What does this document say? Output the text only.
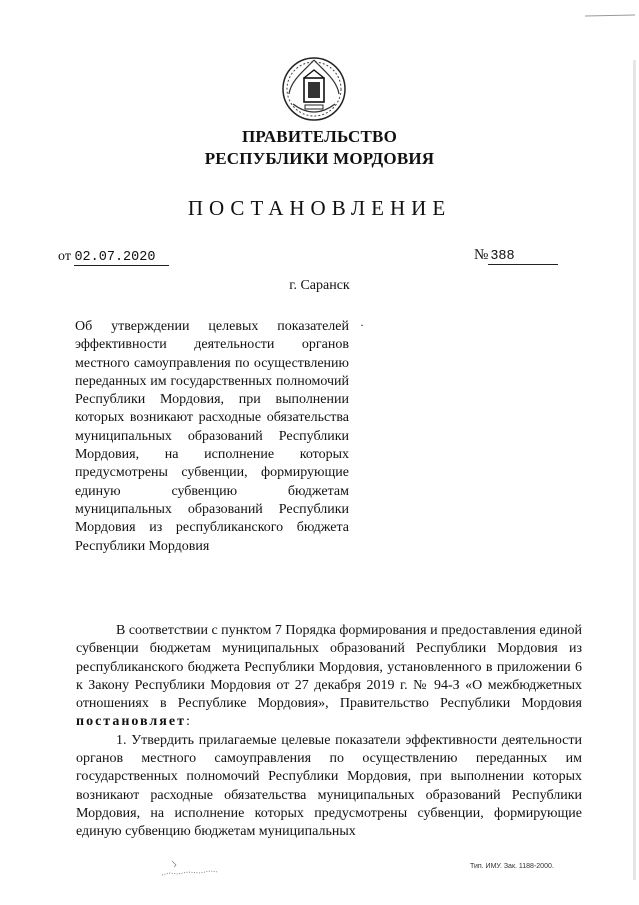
ПРАВИТЕЛЬСТВО
РЕСПУБЛИКИ МОРДОВИЯ
ПОСТАНОВЛЕНИЕ
от 02.07.2020	№ 388
г. Саранск
Об утверждении целевых показателей эффективности деятельности органов местного самоуправления по осуществлению переданных им государственных полномочий Республики Мордовия, при выполнении которых возникают расходные обязательства муниципальных образований Республики Мордовия, на исполнение которых предусмотрены субвенции, формирующие единую субвенцию бюджетам муниципальных образований Республики Мордовия из республиканского бюджета Республики Мордовия
·

В соответствии с пунктом 7 Порядка формирования и предоставления единой субвенции бюджетам муниципальных образований Республики Мордовия из республиканского бюджета Республики Мордовия, установленного в приложении 6 к Закону Республики Мордовия от 27 декабря 2019 г. № 94-З «О межбюджетных отношениях в Республике Мордовия», Правительство Республики Мордовия постановляет:

1. Утвердить прилагаемые целевые показатели эффективности деятельности органов местного самоуправления по осуществлению переданных им государственных полномочий Республики Мордовия, при выполнении которых возникают расходные обязательства муниципальных образований Республики Мордовия, на исполнение которых предусмотрены субвенции, формирующие единую субвенцию бюджетам муниципальных

Тип. ИМУ. Зак. 1188-2000.
